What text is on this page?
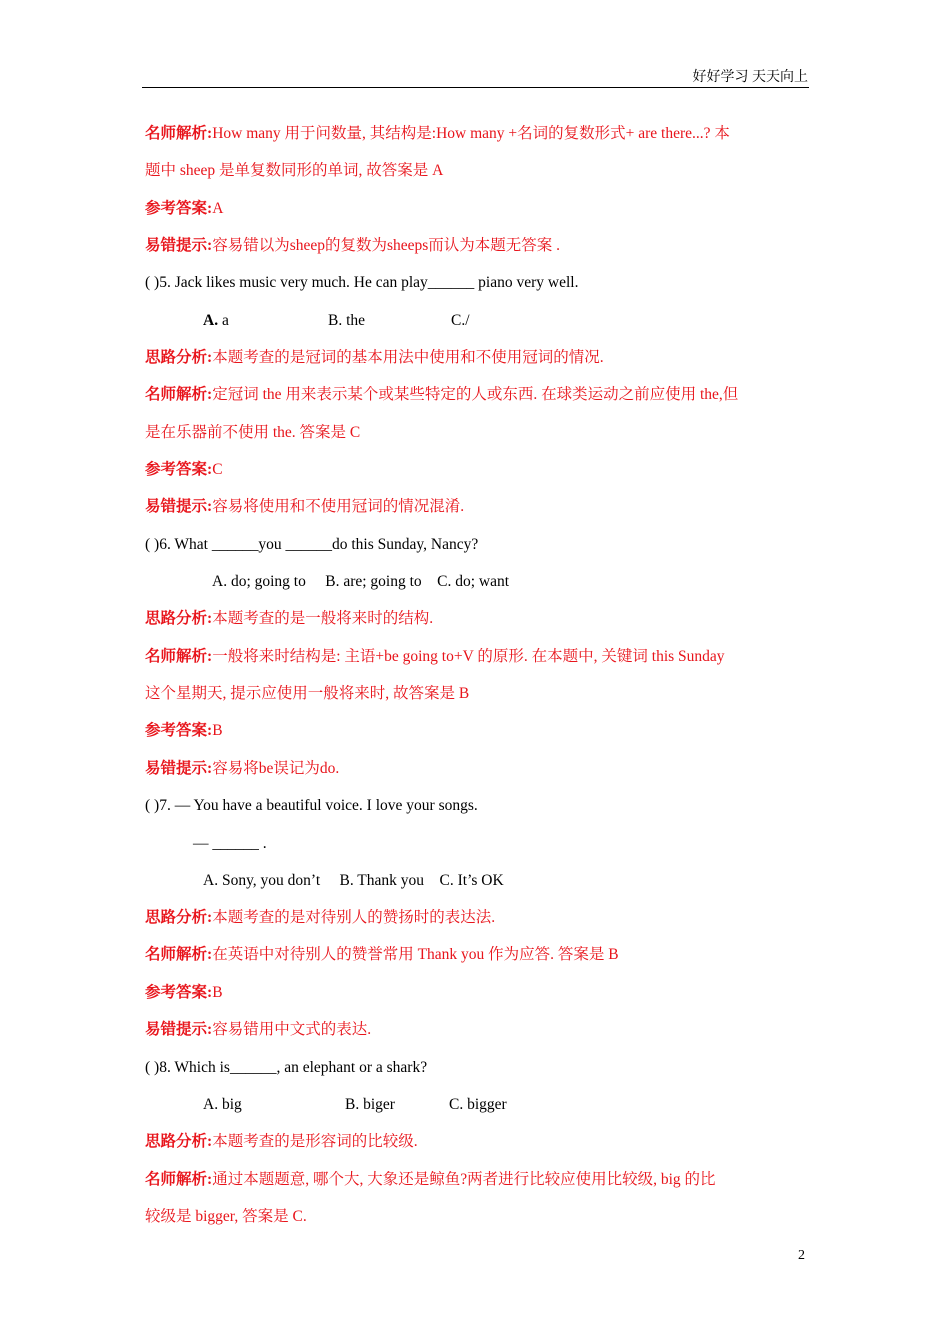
好好学习 天天向上
名师解析:How many 用于问数量, 其结构是:How many +名词的复数形式+ are there...? 本
题中 sheep 是单复数同形的单词, 故答案是 A
参考答案:A
易错提示:容易错以为sheep的复数为sheeps而认为本题无答案 .
( )5. Jack likes music very much. He can play______ piano very well.
A. a	B. the	C./
思路分析:本题考查的是冠词的基本用法中使用和不使用冠词的情况.
名师解析:定冠词 the 用来表示某个或某些特定的人或东西. 在球类运动之前应使用 the,但
是在乐器前不使用 the. 答案是 C
参考答案:C
易错提示:容易将使用和不使用冠词的情况混淆.
( )6. What ______you ______do this Sunday, Nancy?
A. do; going to     B. are; going to    C. do; want
思路分析:本题考查的是一般将来时的结构.
名师解析:一般将来时结构是: 主语+be going to+V 的原形. 在本题中, 关键词 this Sunday
这个星期天, 提示应使用一般将来时, 故答案是 B
参考答案:B
易错提示:容易将be误记为do.
( )7. — You have a beautiful voice. I love your songs.
— ______ .
A. Sony, you don’t     B. Thank you    C. It’s OK
思路分析:本题考查的是对待别人的赞扬时的表达法.
名师解析:在英语中对待别人的赞誉常用 Thank you 作为应答. 答案是 B
参考答案:B
易错提示:容易错用中文式的表达.
( )8. Which is______, an elephant or a shark?
A. big	B. biger	C. bigger
思路分析:本题考查的是形容词的比较级.
名师解析:通过本题题意, 哪个大, 大象还是鲸鱼?两者进行比较应使用比较级, big 的比
较级是 bigger, 答案是 C.
2
